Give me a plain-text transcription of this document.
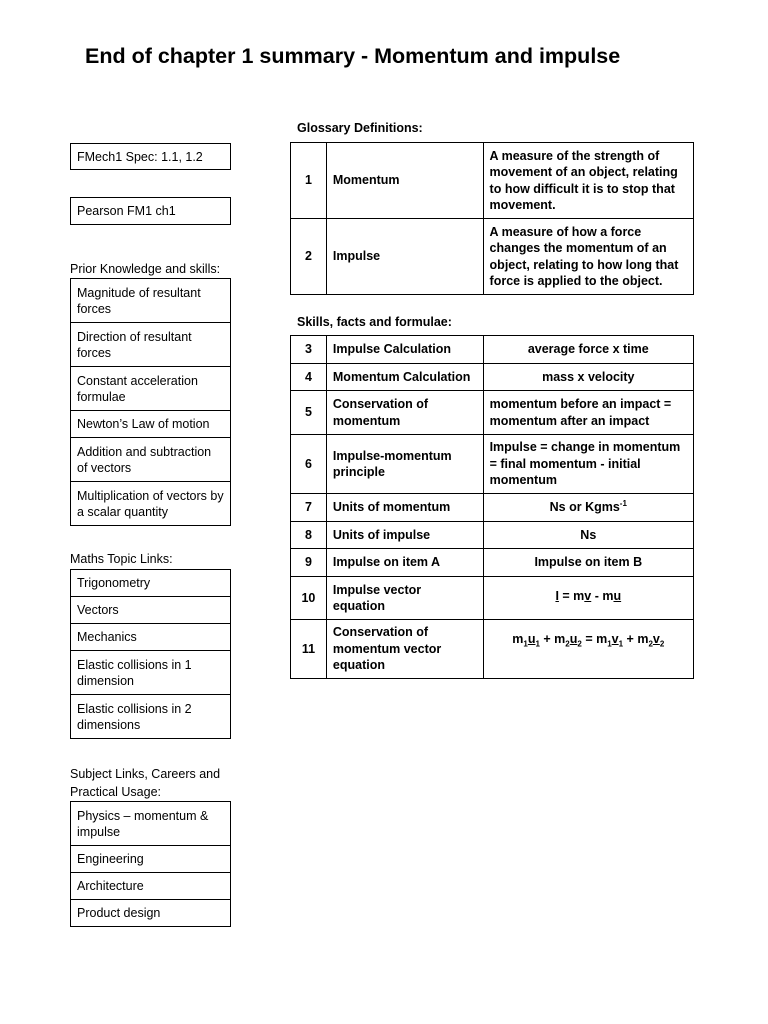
End of chapter 1 summary - Momentum and impulse
FMech1 Spec: 1.1, 1.2
Pearson FM1 ch1
Prior Knowledge and skills:
Magnitude of resultant forces
Direction of resultant forces
Constant acceleration formulae
Newton’s Law of motion
Addition and subtraction of vectors
Multiplication of vectors by a scalar quantity
Maths Topic Links:
Trigonometry
Vectors
Mechanics
Elastic collisions in 1 dimension
Elastic collisions in 2 dimensions
Subject Links, Careers and Practical Usage:
Physics – momentum & impulse
Engineering
Architecture
Product design
Glossary Definitions:
1	Momentum	A measure of the strength of movement of an object, relating to how difficult it is to stop that movement.
2	Impulse	A measure of how a force changes the momentum of an object, relating to how long that force is applied to the object.
Skills, facts and formulae:
3	Impulse Calculation	average force x time
4	Momentum Calculation	mass x velocity
5	Conservation of momentum	momentum before an impact = momentum after an impact
6	Impulse-momentum principle	Impulse = change in momentum = final momentum - initial momentum
7	Units of momentum	Ns or Kgms$^{-1}$
8	Units of impulse	Ns
9	Impulse on item A	Impulse on item B
10	Impulse vector equation	I = mv - mu
11	Conservation of momentum vector equation	$m_1u_1 + m_2u_2 = m_1v_1 + m_2v_2$
